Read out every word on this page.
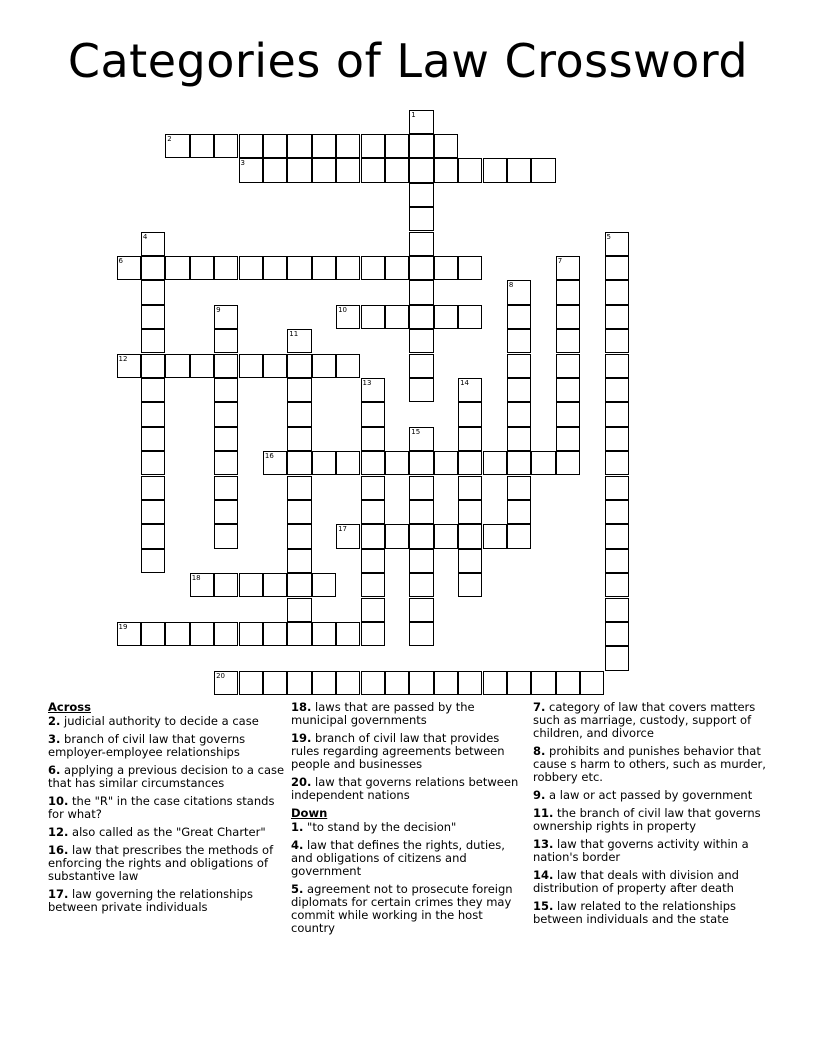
Categories of Law Crossword
2
3
6
10
12
16
17
18
19
20
1
4	5
7
8
9
11
13	14
15
Across
2. judicial authority to decide a case
3. branch of civil law that governs employer-employee relationships
6. applying a previous decision to a case that has similar circumstances
10. the "R" in the case citations stands for what?
12. also called as the "Great Charter"
16. law that prescribes the methods of enforcing the rights and obligations of substantive law
17. law governing the relationships between private individuals
18. laws that are passed by the municipal governments
19. branch of civil law that provides rules regarding agreements between people and businesses
20. law that governs relations between independent nations
Down
1. "to stand by the decision"
4. law that defines the rights, duties, and obligations of citizens and government
5. agreement not to prosecute foreign diplomats for certain crimes they may commit while working in the host country
7. category of law that covers matters such as marriage, custody, support of children, and divorce
8. prohibits and punishes behavior that cause s harm to others, such as murder, robbery etc.
9. a law or act passed by government
11. the branch of civil law that governs ownership rights in property
13. law that governs activity within a nation's border
14. law that deals with division and distribution of property after death
15. law related to the relationships between individuals and the state
